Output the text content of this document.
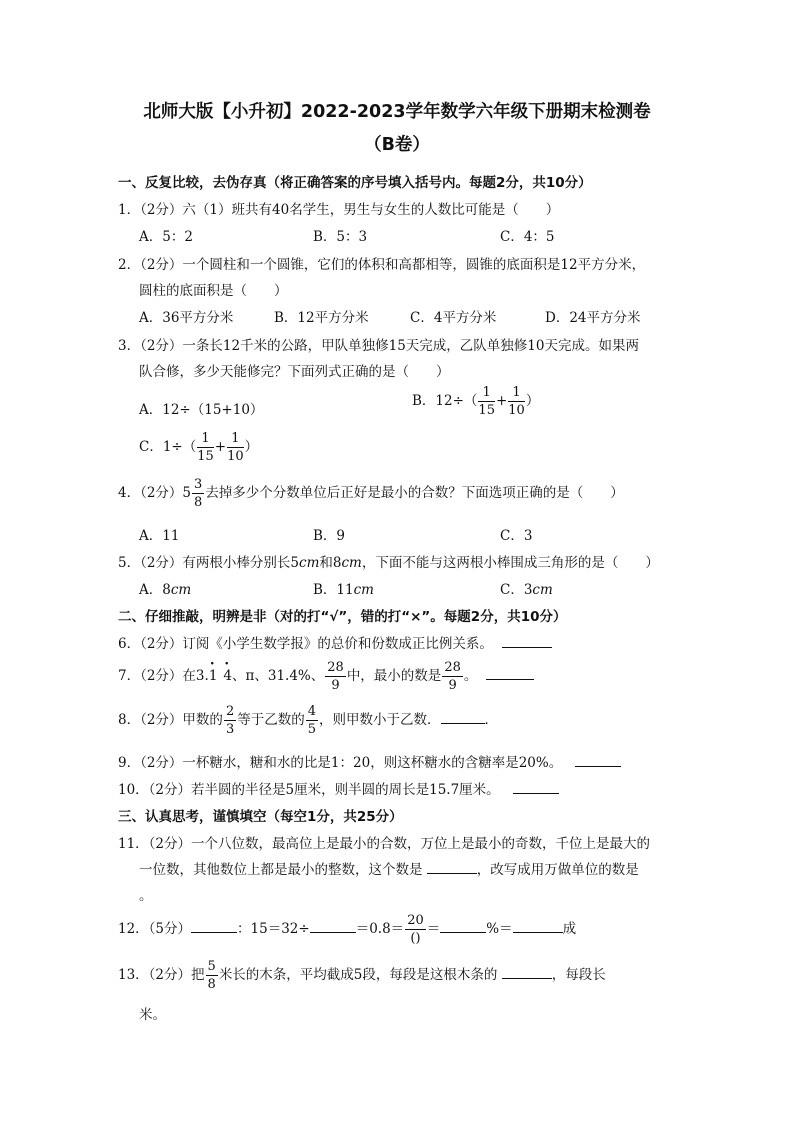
北师大版【小升初】2022-2023学年数学六年级下册期末检测卷
（B卷）
一、反复比较，去伪存真（将正确答案的序号填入括号内。每题2分，共10分）
1．（2分）六（1）班共有40名学生，男生与女生的人数比可能是（　　）
A．5：2	B．5：3	C．4：5
2．（2分）一个圆柱和一个圆锥，它们的体积和高都相等，圆锥的底面积是12平方分米，
圆柱的底面积是（　　）
A．36平方分米	B．12平方分米	C．4平方分米	D．24平方分米
3．（2分）一条长12千米的公路，甲队单独修15天完成，乙队单独修10天完成。如果两
队合修，多少天能修完？下面列式正确的是（　　）
A．12÷（15+10）
B．$12\div( \frac{1}{15} + \frac{1}{10}$ ）
C．$1\div( \frac{1}{15} + \frac{1}{10}$ ）
4．（2分）$5 \frac{3}{8}$ 去掉多少个分数单位后正好是最小的合数？下面选项正确的是（　　）
A．11	B．9	C．3
5．（2分）有两根小棒分别长5cm和8cm，下面不能与这两根小棒围成三角形的是（　　）
A．8cm	B．11cm	C．3cm
二、仔细推敲，明辨是非（对的打“√”，错的打“×”。每题2分，共10分）
6．（2分）订阅《小学生数学报》的总价和份数成正比例关系。
7．（2分）在3.· 1· 4、π、31.4%、 $\frac{28}{9}$ 中，最小的数是 $\frac{28}{9}$ 。
8．（2分）甲数的 $\frac{2}{3}$ 等于乙数的 $\frac{4}{5}$ ，则甲数小于乙数．	．
9．（2分）一杯糖水，糖和水的比是1：20，则这杯糖水的含糖率是20%。
10．（2分）若半圆的半径是5厘米，则半圆的周长是15.7厘米。
三、认真思考，谨慎填空（每空1分，共25分）
11．（2分）一个八位数，最高位上是最小的合数，万位上是最小的奇数，千位上是最大的
一位数，其他数位上都是最小的整数，这个数是	，改写成用万做单位的数是
。
12．（5分）	：15＝32÷	$=0.8= \frac{20}{()}$ ＝	%＝	成
13．（2分）把 $\frac{5}{8}$ 米长的木条，平均截成5段，每段是这根木条的	，每段长
米。
